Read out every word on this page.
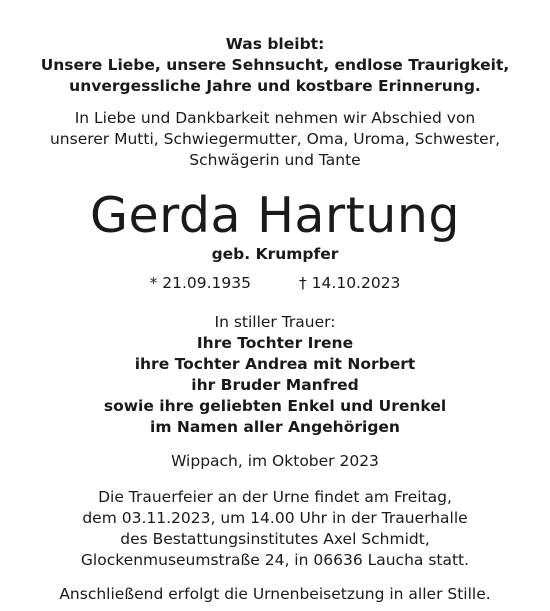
Was bleibt:
Unsere Liebe, unsere Sehnsucht, endlose Traurigkeit,
unvergessliche Jahre und kostbare Erinnerung.
In Liebe und Dankbarkeit nehmen wir Abschied von
unserer Mutti, Schwiegermutter, Oma, Uroma, Schwester,
Schwägerin und Tante
Gerda Hartung
geb. Krumpfer
* 21.09.1935	† 14.10.2023
In stiller Trauer:
Ihre Tochter Irene
ihre Tochter Andrea mit Norbert
ihr Bruder Manfred
sowie ihre geliebten Enkel und Urenkel
im Namen aller Angehörigen
Wippach, im Oktober 2023
Die Trauerfeier an der Urne findet am Freitag,
dem 03.11.2023, um 14.00 Uhr in der Trauerhalle
des Bestattungsinstitutes Axel Schmidt,
Glockenmuseumstraße 24, in 06636 Laucha statt.
Anschließend erfolgt die Urnenbeisetzung in aller Stille.
